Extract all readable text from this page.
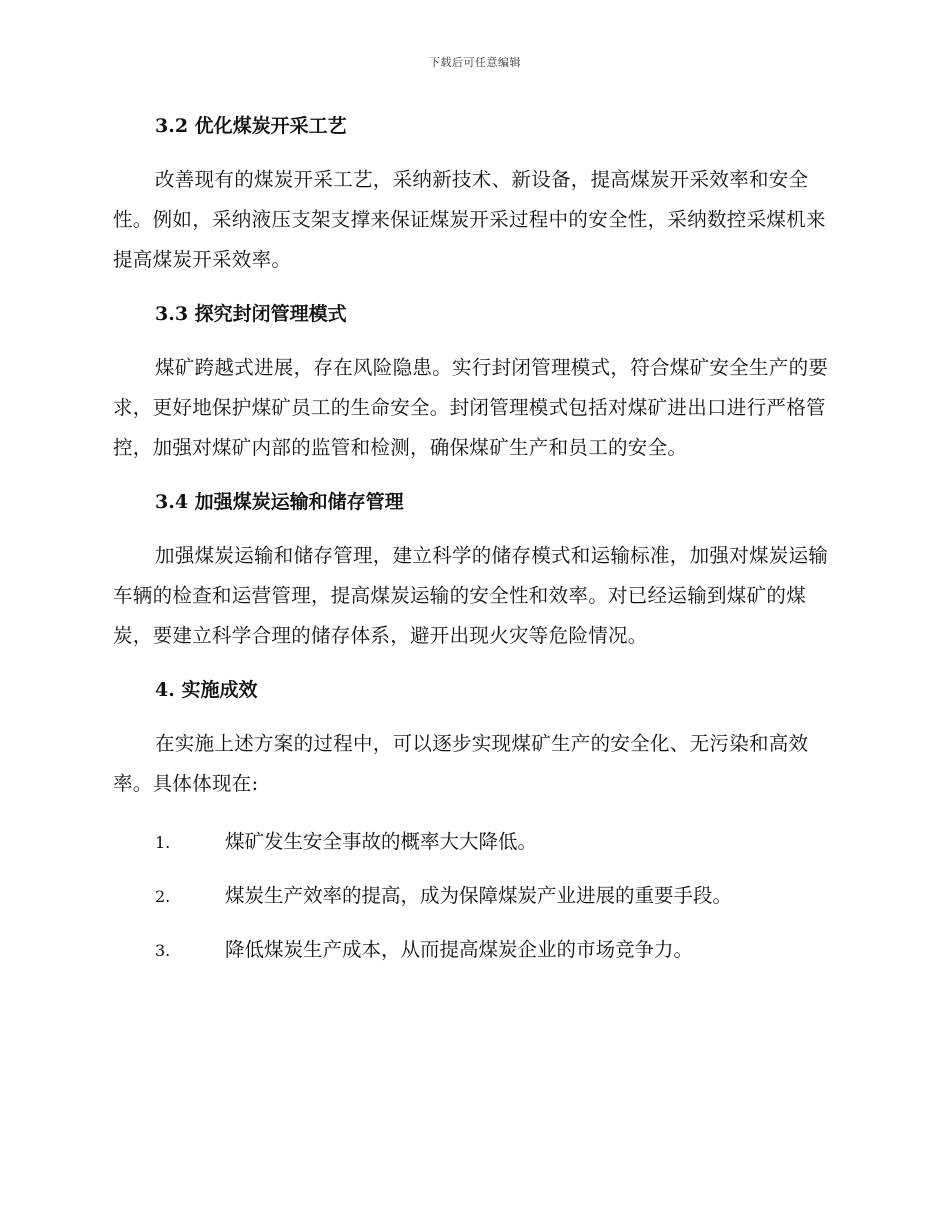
下载后可任意编辑
3.2 优化煤炭开采工艺

改善现有的煤炭开采工艺，采纳新技术、新设备，提高煤炭开采效率和安全性。例如，采纳液压支架支撑来保证煤炭开采过程中的安全性，采纳数控采煤机来提高煤炭开采效率。

3.3 探究封闭管理模式

煤矿跨越式进展，存在风险隐患。实行封闭管理模式，符合煤矿安全生产的要求，更好地保护煤矿员工的生命安全。封闭管理模式包括对煤矿进出口进行严格管控，加强对煤矿内部的监管和检测，确保煤矿生产和员工的安全。

3.4 加强煤炭运输和储存管理

加强煤炭运输和储存管理，建立科学的储存模式和运输标准，加强对煤炭运输车辆的检查和运营管理，提高煤炭运输的安全性和效率。对已经运输到煤矿的煤炭，要建立科学合理的储存体系，避开出现火灾等危险情况。

4. 实施成效

在实施上述方案的过程中，可以逐步实现煤矿生产的安全化、无污染和高效率。具体体现在:

1.	煤矿发生安全事故的概率大大降低。
2.	煤炭生产效率的提高，成为保障煤炭产业进展的重要手段。
3.	降低煤炭生产成本，从而提高煤炭企业的市场竞争力。
